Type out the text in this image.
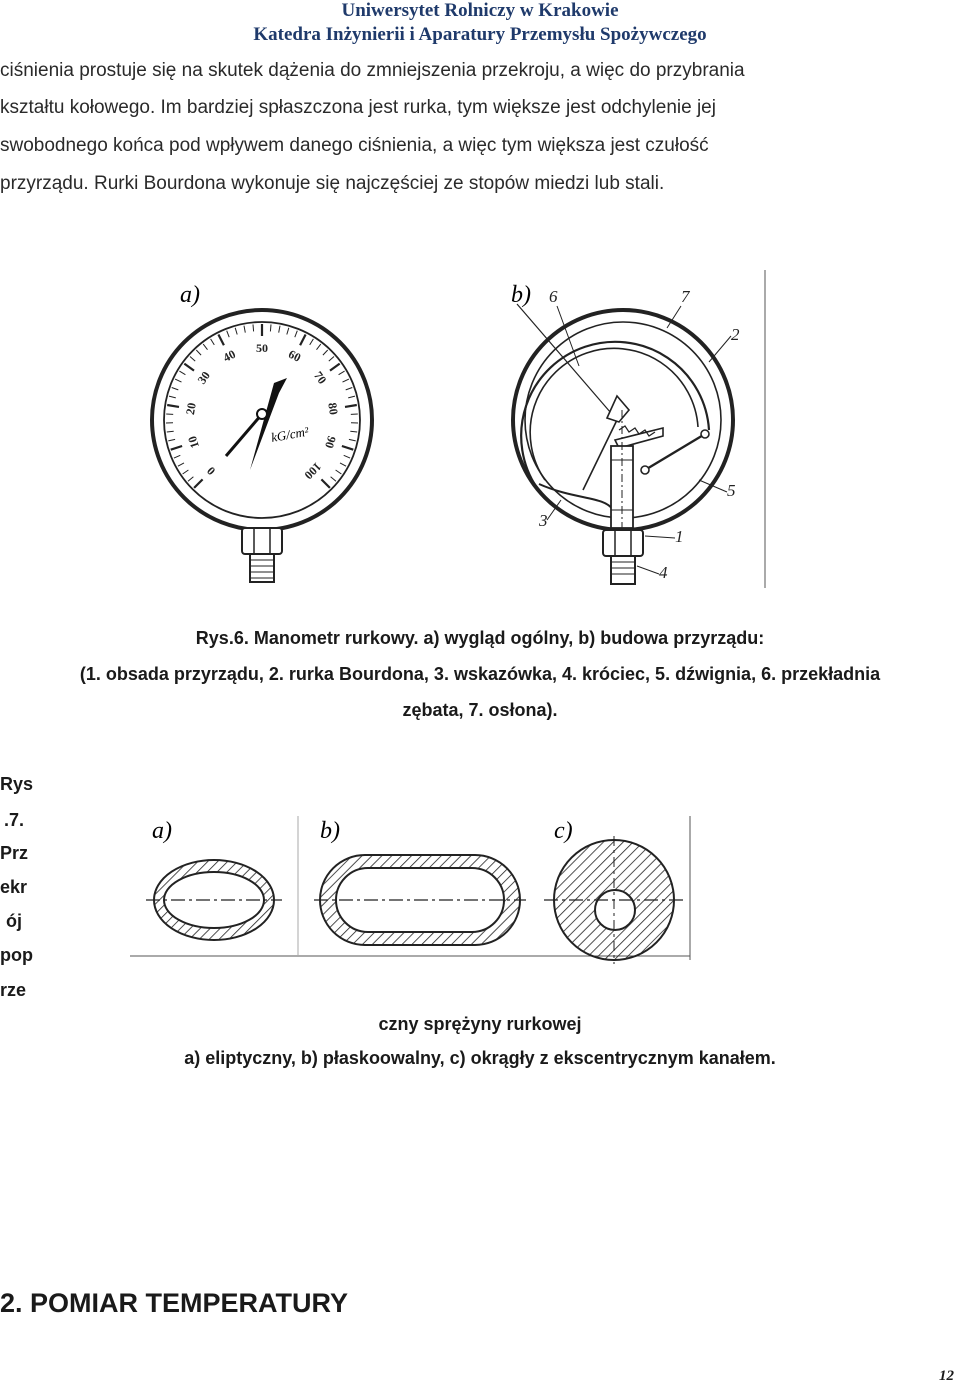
Uniwersytet Rolniczy w Krakowie
Katedra Inżynierii i Aparatury Przemysłu Spożywczego
ciśnienia prostuje się na skutek dążenia do zmniejszenia przekroju, a więc do przybrania
kształtu kołowego. Im bardziej spłaszczona jest rurka, tym większe jest odchylenie jej
swobodnego końca pod wpływem danego ciśnienia, a więc tym większa jest czułość
przyrządu. Rurki Bourdona wykonuje się najczęściej ze stopów miedzi lub stali.
a)
0
10
20
30
40 50 60
70
80
90
100
kG/cm²
b) 6	7
2
5
1
3
4
Rys.6. Manometr rurkowy. a) wygląd ogólny, b) budowa przyrządu:
(1. obsada przyrządu, 2. rurka Bourdona, 3. wskazówka, 4. króciec, 5. dźwignia, 6. przekładnia
zębata, 7. osłona).
Rys
.7.
Prz
ekr
ój
pop
rze
a)	b)	c)
czny sprężyny rurkowej
a) eliptyczny, b) płaskoowalny, c) okrągły z ekscentrycznym kanałem.
2. POMIAR TEMPERATURY
12
